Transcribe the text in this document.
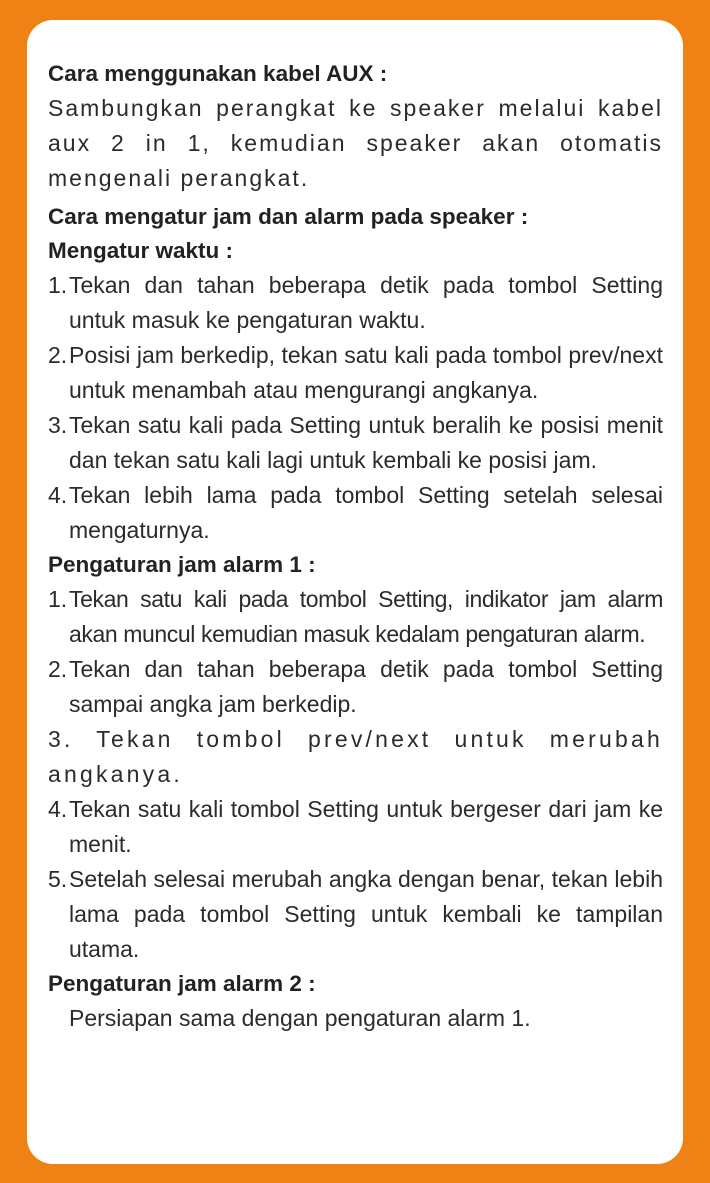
Cara menggunakan kabel AUX :
Sambungkan perangkat ke speaker melalui kabel aux 2 in 1, kemudian speaker akan otomatis mengenali perangkat.
Cara mengatur jam dan alarm pada speaker :
Mengatur waktu :
1. Tekan dan tahan beberapa detik pada tombol Setting untuk masuk ke pengaturan waktu.
2. Posisi jam berkedip, tekan satu kali pada tombol prev/next untuk menambah atau mengurangi angkanya.
3. Tekan satu kali pada Setting untuk beralih ke posisi menit dan tekan satu kali lagi untuk kembali ke posisi jam.
4. Tekan lebih lama pada tombol Setting setelah selesai mengaturnya.
Pengaturan jam alarm 1 :
1. Tekan satu kali pada tombol Setting, indikator jam alarm akan muncul kemudian masuk kedalam pengaturan alarm.
2. Tekan dan tahan beberapa detik pada tombol Setting sampai angka jam berkedip.
3. Tekan tombol prev/next untuk merubah angkanya.
4. Tekan satu kali tombol Setting untuk bergeser dari jam ke menit.
5. Setelah selesai merubah angka dengan benar, tekan lebih lama pada tombol Setting untuk kembali ke tampilan utama.
Pengaturan jam alarm 2 :
Persiapan sama dengan pengaturan alarm 1.
